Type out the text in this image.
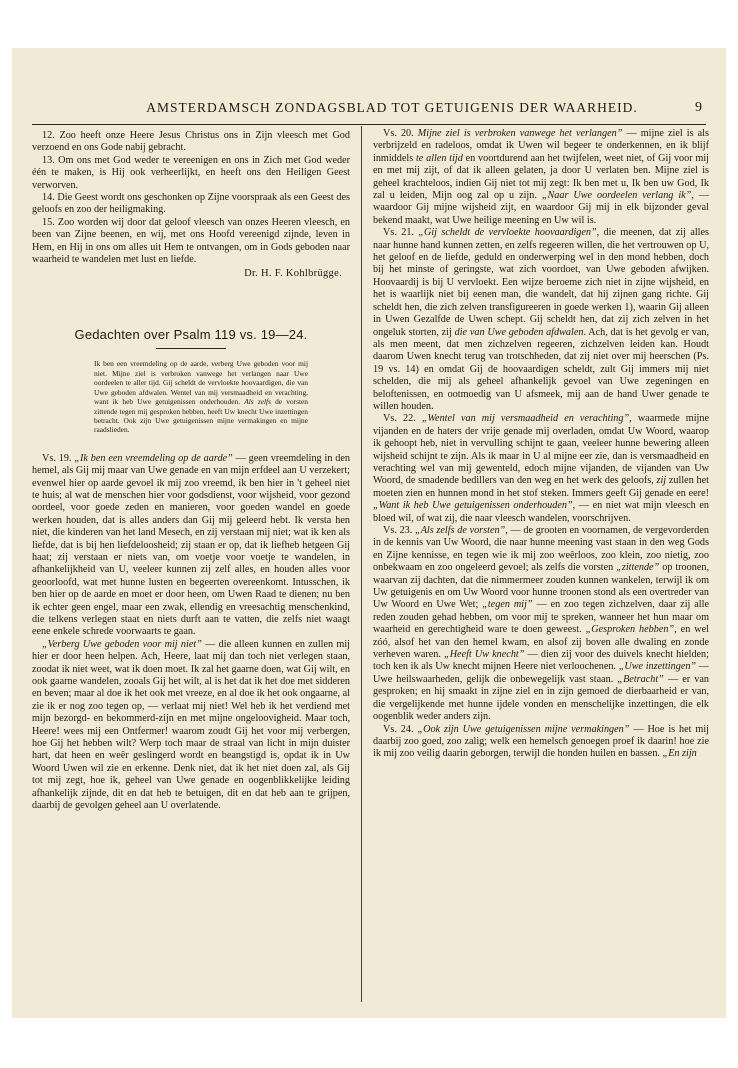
AMSTERDAMSCH ZONDAGSBLAD TOT GETUIGENIS DER WAARHEID.	9

12. Zoo heeft onze Heere Jesus Christus ons in Zijn vleesch met God verzoend en ons Gode nabij gebracht.

13. Om ons met God weder te vereenigen en ons in Zich met God weder één te maken, is Hij ook verheerlijkt, en heeft ons den Heiligen Geest verworven.

14. Die Geest wordt ons geschonken op Zijne voorspraak als een Geest des geloofs en zoo der heiligmaking.

15. Zoo worden wij door dat geloof vleesch van onzes Heeren vleesch, en been van Zijne beenen, en wij, met ons Hoofd vereenigd zijnde, leven in Hem, en Hij in ons om alles uit Hem te ontvangen, om in Gods geboden naar waarheid te wandelen met lust en liefde.

Dr. H. F. Kohlbrügge.
Gedachten over Psalm 119 vs. 19—24.
Ik ben een vreemdeling op de aarde, verberg Uwe geboden voor mij niet. Mijne ziel is verbroken vanwege het verlangen naar Uwe oordeelen te aller tijd. Gij scheldt de vervloekte hoovaardigen, die van Uwe geboden afdwalen. Wentel van mij versmaadheid en verachting, want ik heb Uwe getuigenissen onderhouden. Als zelfs de vorsten zittende tegen mij gesproken hebben, heeft Uw knecht Uwe inzettingen betracht. Ook zijn Uwe getuigenissen mijne vermakingen en mijne raadslieden.

Vs. 19. „Ik ben een vreemdeling op de aarde” — geen vreemdeling in den hemel, als Gij mij maar van Uwe genade en van mijn erfdeel aan U verzekert; evenwel hier op aarde gevoel ik mij zoo vreemd, ik ben hier in 't geheel niet te huis; al wat de menschen hier voor godsdienst, voor wijsheid, voor gezond oordeel, voor goede zeden en manieren, voor goeden wandel en goede werken houden, dat is alles anders dan Gij mij geleerd hebt. Ik versta hen niet, die kinderen van het land Mesech, en zij verstaan mij niet; wat ik ken als liefde, dat is bij hen liefdeloosheid; zij staan er op, dat ik liefheb hetgeen Gij haat; zij verstaan er niets van, om voetje voor voetje te wandelen, in afhankelijkheid van U, veeleer kunnen zij zelf alles, en houden alles voor geoorloofd, wat met hunne lusten en begeerten overeenkomt. Intusschen, ik ben hier op de aarde en moet er door heen, om Uwen Raad te dienen; nu ben ik echter geen engel, maar een zwak, ellendig en vreesachtig menschenkind, die telkens verlegen staat en niets durft aan te vatten, die zelfs niet waagt eene enkele schrede voorwaarts te gaan.

„Verberg Uwe geboden voor mij niet” — die alleen kunnen en zullen mij hier er door heen helpen. Ach, Heere, laat mij dan toch niet verlegen staan, zoodat ik niet weet, wat ik doen moet. Ik zal het gaarne doen, wat Gij wilt, en ook gaarne wandelen, zooals Gij het wilt, al is het dat ik het doe met sidderen en beven; maar al doe ik het ook met vreeze, en al doe ik het ook ongaarne, al zie ik er nog zoo tegen op, — verlaat mij niet! Wel heb ik het verdiend met mijn bezorgd- en bekommerd-zijn en met mijne ongeloovigheid. Maar toch, Heere! wees mij een Ontfermer! waarom zoudt Gij het voor mij verbergen, hoe Gij het hebben wilt? Werp toch maar de straal van licht in mijn duister hart, dat heen en weêr geslingerd wordt en beangstigd is, opdat ik in Uw Woord Uwen wil zie en erkenne. Denk niet, dat ik het niet doen zal, als Gij tot mij zegt, hoe ik, geheel van Uwe genade en oogenblikkelijke leiding afhankelijk zijnde, dit en dat heb te betuigen, dit en dat heb aan te grijpen, daarbij de gevolgen geheel aan U overlatende.

Vs. 20. Mijne ziel is verbroken vanwege het verlangen” — mijne ziel is als verbrijzeld en radeloos, omdat ik Uwen wil begeer te onderkennen, en ik blijf inmiddels te allen tijd en voortdurend aan het twijfelen, weet niet, of Gij voor mij en met mij zijt, of dat ik alleen gelaten, ja door U verlaten ben. Mijne ziel is geheel krachteloos, indien Gij niet tot mij zegt: Ik ben met u, Ik ben uw God, Ik zal u leiden, Mijn oog zal op u zijn. „Naar Uwe oordeelen verlang ik”, — waardoor Gij mijne wijsheid zijt, en waardoor Gij mij in elk bijzonder geval bekend maakt, wat Uwe heilige meening en Uw wil is.

Vs. 21. „Gij scheldt de vervloekte hoovaardigen”, die meenen, dat zij alles naar hunne hand kunnen zetten, en zelfs regeeren willen, die het vertrouwen op U, het geloof en de liefde, geduld en onderwerping wel in den mond hebben, doch bij het minste of geringste, wat zich voordoet, van Uwe geboden afwijken. Hoovaardij is bij U vervloekt. Een wijze beroeme zich niet in zijne wijsheid, en het is waarlijk niet bij eenen man, die wandelt, dat hij zijnen gang richte. Gij scheldt hen, die zich zelven transfigureeren in goede werken 1), waarin Gij alleen in Uwen Gezalfde de Uwen schept. Gij scheldt hen, dat zij zich zelven in het ongeluk storten, zij die van Uwe geboden afdwalen. Ach, dat is het gevolg er van, als men meent, dat men zichzelven regeeren, zichzelven leiden kan. Houdt daarom Uwen knecht terug van trotschheden, dat zij niet over mij heerschen (Ps. 19 vs. 14) en omdat Gij de hoovaardigen scheldt, zult Gij immers mij niet schelden, die mij als geheel afhankelijk gevoel van Uwe zegeningen en beloftenissen, en ootmoedig van U afsmeek, mij aan de hand Uwer genade te willen houden.

Vs. 22. „Wentel van mij versmaadheid en verachting”, waarmede mijne vijanden en de haters der vrije genade mij overladen, omdat Uw Woord, waarop ik gehoopt heb, niet in vervulling schijnt te gaan, veeleer hunne bewering alleen wijsheid schijnt te zijn. Als ik maar in U al mijne eer zie, dan is versmaadheid en verachting wel van mij gewenteld, edoch mijne vijanden, de vijanden van Uw Woord, de smadende bedillers van den weg en het werk des geloofs, zij zullen het moeten zien en hunnen mond in het stof steken. Immers geeft Gij genade en eere! „Want ik heb Uwe getuigenissen onderhouden”, — en niet wat mijn vleesch en bloed wil, of wat zij, die naar vleesch wandelen, voorschrijven.

Vs. 23. „Als zelfs de vorsten”, — de grooten en voornamen, de vergevorderden in de kennis van Uw Woord, die naar hunne meening vast staan in den weg Gods en Zijne kennisse, en tegen wie ik mij zoo weêrloos, zoo klein, zoo nietig, zoo onbekwaam en zoo ongeleerd gevoel; als zelfs die vorsten „zittende” op troonen, waarvan zij dachten, dat die nimmermeer zouden kunnen wankelen, terwijl ik om Uw getuigenis en om Uw Woord voor hunne troonen stond als een overtreder van Uw Woord en Uwe Wet; „tegen mij” — en zoo tegen zichzelven, daar zij alle reden zouden gehad hebben, om voor mij te spreken, wanneer het hun maar om waarheid en gerechtigheid ware te doen geweest. „Gesproken hebben”, en wel zóó, alsof het van den hemel kwam, en alsof zij boven alle dwaling en zonde verheven waren. „Heeft Uw knecht” — dien zij voor des duivels knecht hielden; toch ken ik als Uw knecht mijnen Heere niet verloochenen. „Uwe inzettingen” — Uwe heilswaarheden, gelijk die onbewegelijk vast staan. „Betracht” — er van gesproken; en hij smaakt in zijne ziel en in zijn gemoed de dierbaarheid er van, die vergelijkende met hunne ijdele vonden en menschelijke inzettingen, die elk oogenblik weder anders zijn.

Vs. 24. „Ook zijn Uwe getuigenissen mijne vermakingen” — Hoe is het mij daarbij zoo goed, zoo zalig; welk een hemelsch genoegen proef ik daarin! hoe zie ik mij zoo veilig daarin geborgen, terwijl die honden huilen en bassen. „En zijn
